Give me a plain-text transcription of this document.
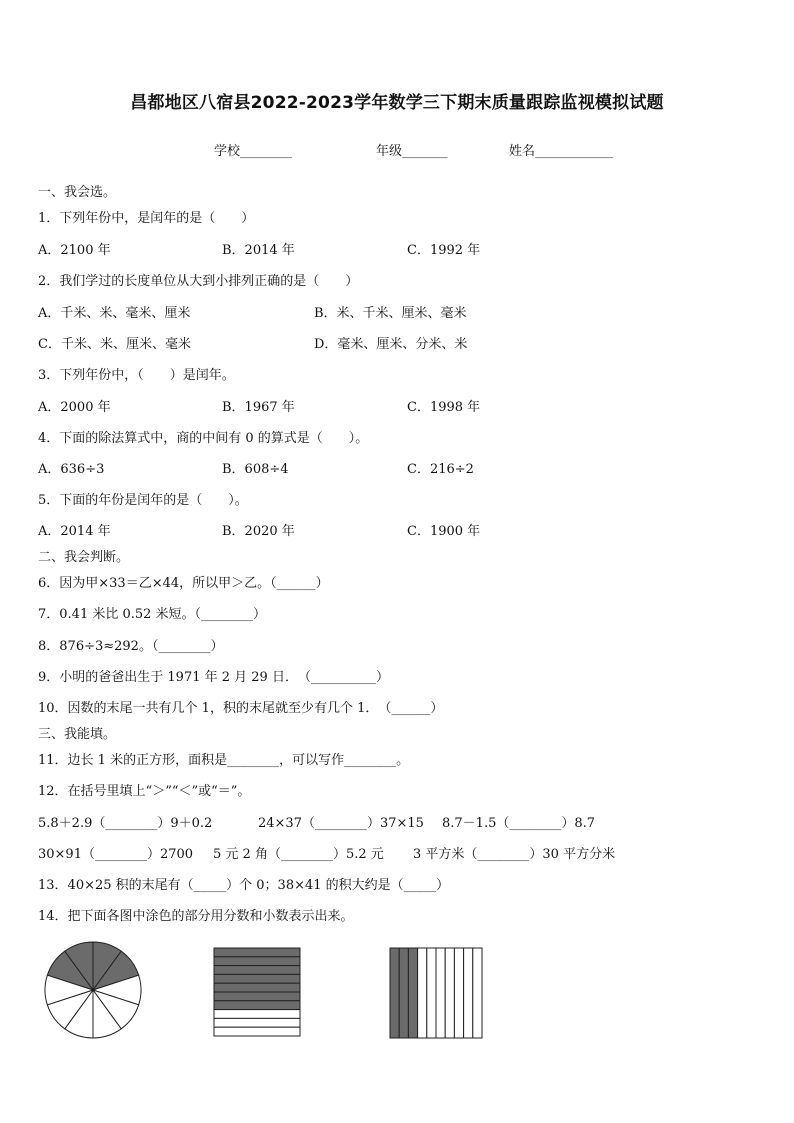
昌都地区八宿县2022-2023学年数学三下期末质量跟踪监视模拟试题
学校________	年级_______	姓名____________
一、我会选。
1．下列年份中，是闰年的是（　　）
A．2100 年	B．2014 年	C．1992 年
2．我们学过的长度单位从大到小排列正确的是（　　）
A．千米、米、毫米、厘米	B．米、千米、厘米、毫米
C．千米、米、厘米、毫米	D．毫米、厘米、分米、米
3．下列年份中，（　　）是闰年。
A．2000 年	B．1967 年	C．1998 年
4．下面的除法算式中，商的中间有 0 的算式是（　　）。
A．636÷3	B．608÷4	C．216÷2
5．下面的年份是闰年的是（　　）。
A．2014 年	B．2020 年	C．1900 年
二、我会判断。
6．因为甲×33＝乙×44，所以甲＞乙。（______）
7．0.41 米比 0.52 米短。（________）
8．876÷3≈292。（________）
9．小明的爸爸出生于 1971 年 2 月 29 日．　（__________）
10．因数的末尾一共有几个 1，积的末尾就至少有几个 1．　（______）
三、我能填。
11．边长 1 米的正方形，面积是________，可以写作________。
12．在括号里填上“＞”“＜”或“＝”。
5.8＋2.9（________）9＋0.2	24×37（________）37×15 8.7－1.5（________）8.7
30×91（________）2700 5 元 2 角（________）5.2 元 3 平方米（________）30 平方分米
13．40×25 积的末尾有（_____）个 0；38×41 的积大约是（_____）
14．把下面各图中涂色的部分用分数和小数表示出来。
